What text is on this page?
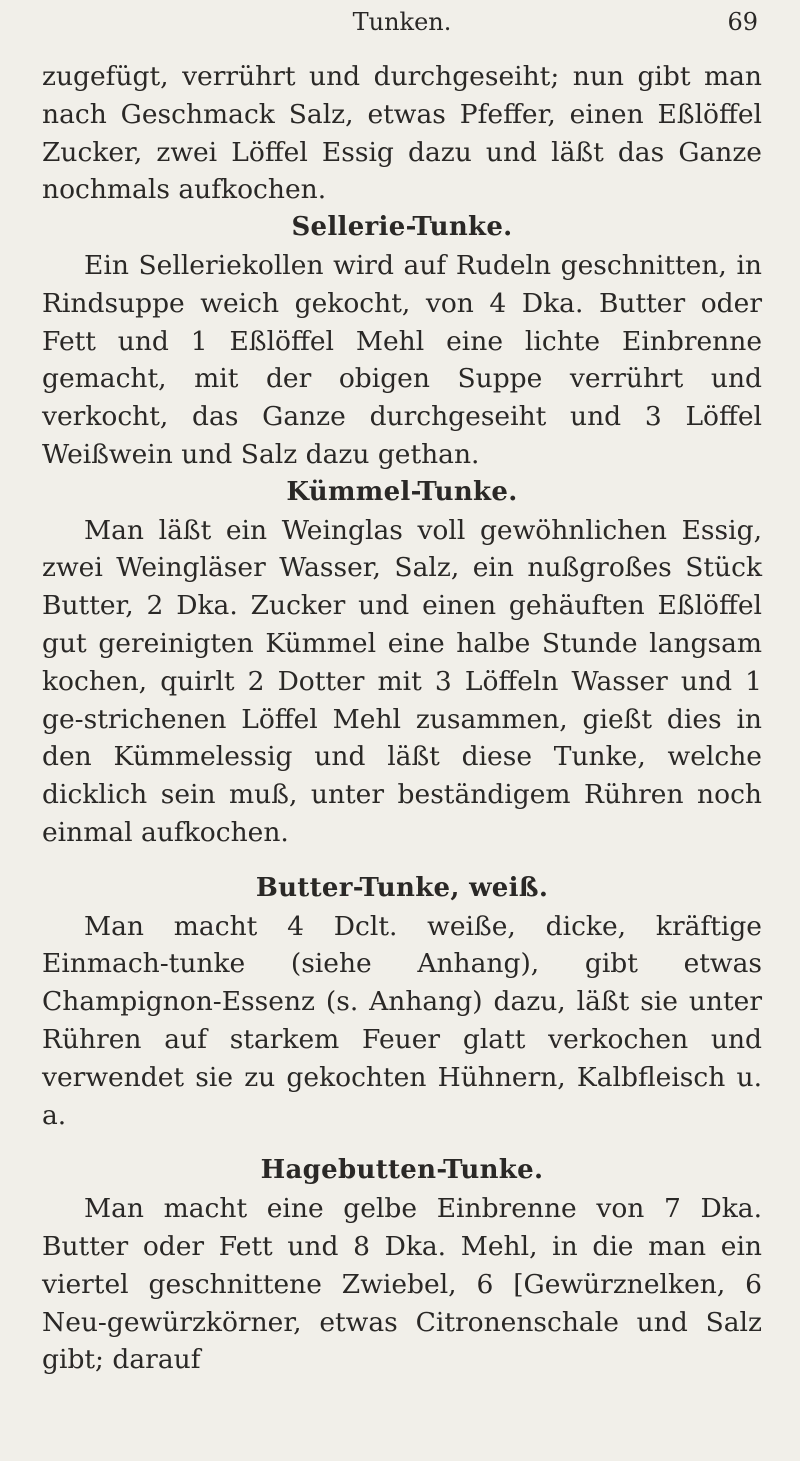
Tunken.	69

zugefügt, verrührt und durchgeseiht; nun gibt man nach Geschmack Salz, etwas Pfeffer, einen Eßlöffel Zucker, zwei Löffel Essig dazu und läßt das Ganze nochmals aufkochen.

Sellerie-Tunke.

Ein Selleriekollen wird auf Rudeln geschnitten, in Rindsuppe weich gekocht, von 4 Dka. Butter oder Fett und 1 Eßlöffel Mehl eine lichte Einbrenne gemacht, mit der obigen Suppe verrührt und verkocht, das Ganze durchgeseiht und 3 Löffel Weißwein und Salz dazu gethan.

Kümmel-Tunke.

Man läßt ein Weinglas voll gewöhnlichen Essig, zwei Weingläser Wasser, Salz, ein nußgroßes Stück Butter, 2 Dka. Zucker und einen gehäuften Eßlöffel gut gereinigten Kümmel eine halbe Stunde langsam kochen, quirlt 2 Dotter mit 3 Löffeln Wasser und 1 ge-strichenen Löffel Mehl zusammen, gießt dies in den Kümmelessig und läßt diese Tunke, welche dicklich sein muß, unter beständigem Rühren noch einmal aufkochen.

Butter-Tunke, weiß.

Man macht 4 Dclt. weiße, dicke, kräftige Einmach-tunke (siehe Anhang), gibt etwas Champignon-Essenz (s. Anhang) dazu, läßt sie unter Rühren auf starkem Feuer glatt verkochen und verwendet sie zu gekochten Hühnern, Kalbfleisch u. a.

Hagebutten-Tunke.

Man macht eine gelbe Einbrenne von 7 Dka. Butter oder Fett und 8 Dka. Mehl, in die man ein viertel geschnittene Zwiebel, 6 [Gewürznelken, 6 Neu-gewürzkörner, etwas Citronenschale und Salz gibt; darauf
